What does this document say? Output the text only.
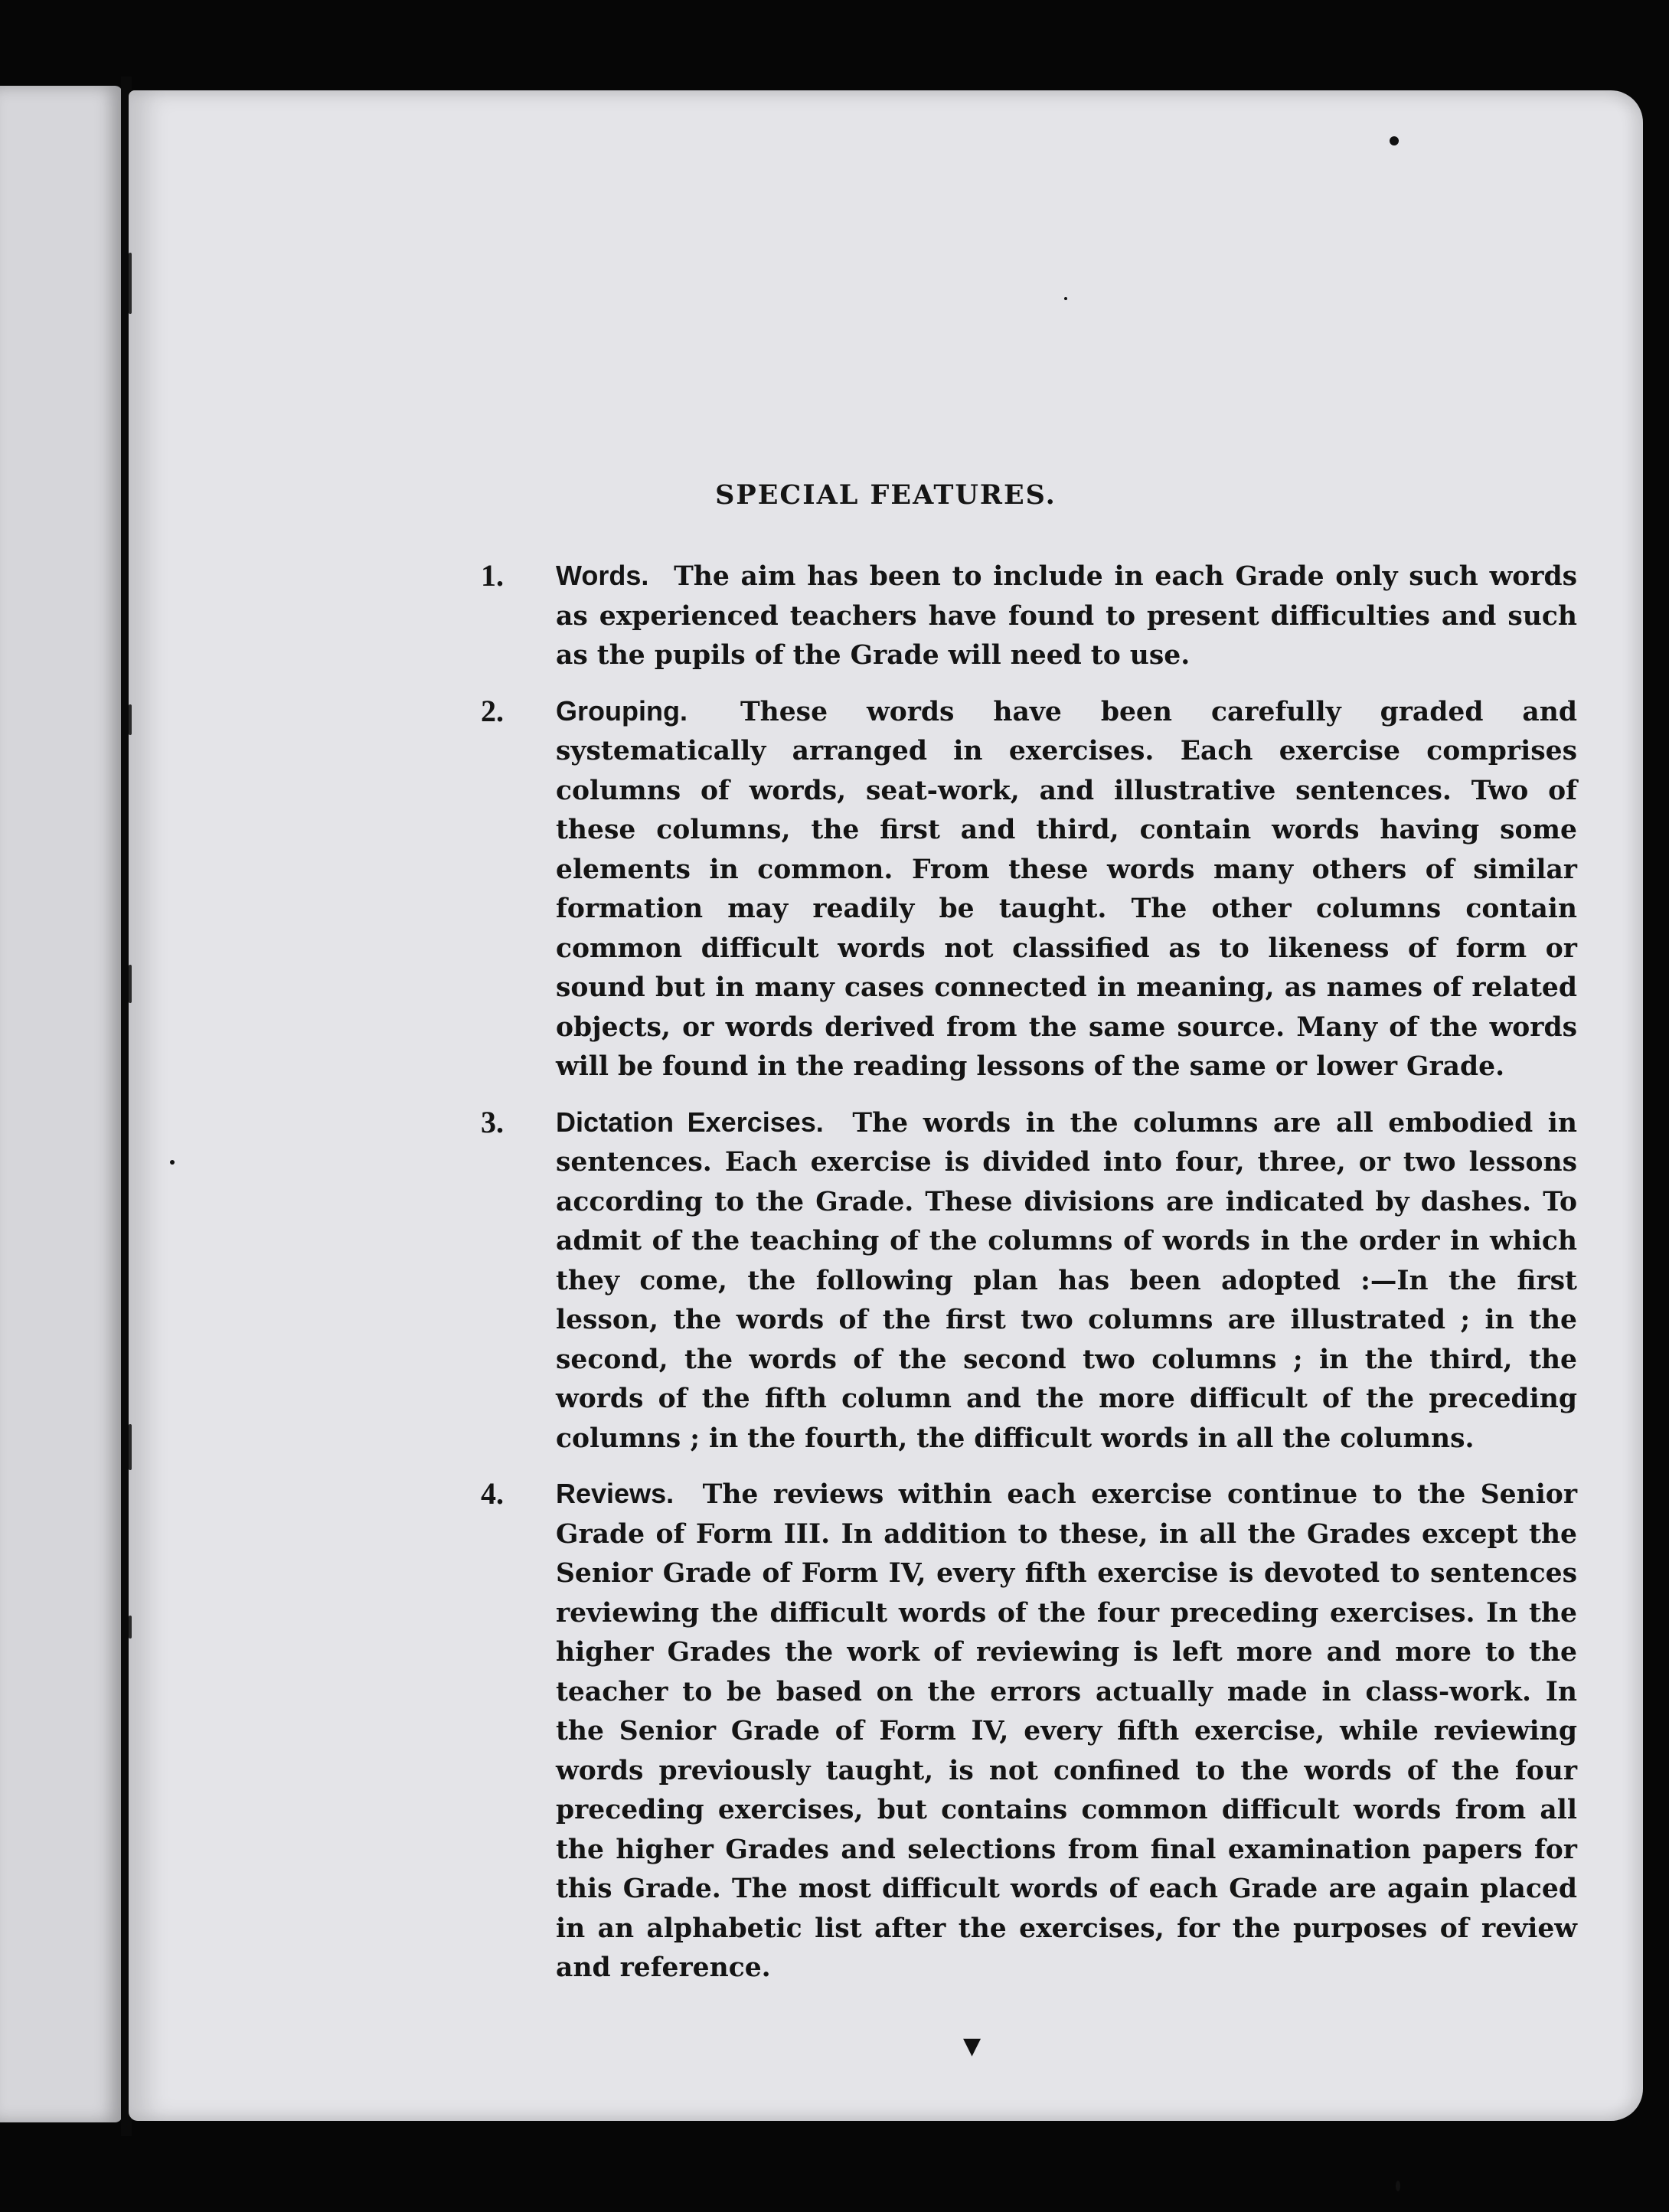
SPECIAL FEATURES.
1. Words. The aim has been to include in each Grade only such words as experienced teachers have found to present difficulties and such as the pupils of the Grade will need to use.
2. Grouping. These words have been carefully graded and systematically arranged in exercises. Each exercise comprises columns of words, seat-work, and illustrative sentences. Two of these columns, the first and third, contain words having some elements in common. From these words many others of similar formation may readily be taught. The other columns contain common difficult words not classified as to likeness of form or sound but in many cases connected in meaning, as names of related objects, or words derived from the same source. Many of the words will be found in the reading lessons of the same or lower Grade.
3. Dictation Exercises. The words in the columns are all embodied in sentences. Each exercise is divided into four, three, or two lessons according to the Grade. These divisions are indicated by dashes. To admit of the teaching of the columns of words in the order in which they come, the following plan has been adopted :—In the first lesson, the words of the first two columns are illustrated ; in the second, the words of the second two columns ; in the third, the words of the fifth column and the more difficult of the preceding columns ; in the fourth, the difficult words in all the columns.
4. Reviews. The reviews within each exercise continue to the Senior Grade of Form III. In addition to these, in all the Grades except the Senior Grade of Form IV, every fifth exercise is devoted to sentences reviewing the difficult words of the four preceding exercises. In the higher Grades the work of reviewing is left more and more to the teacher to be based on the errors actually made in class-work. In the Senior Grade of Form IV, every fifth exercise, while reviewing words previously taught, is not confined to the words of the four preceding exercises, but contains common difficult words from all the higher Grades and selections from final examination papers for this Grade. The most difficult words of each Grade are again placed in an alphabetic list after the exercises, for the purposes of review and reference.
▼
